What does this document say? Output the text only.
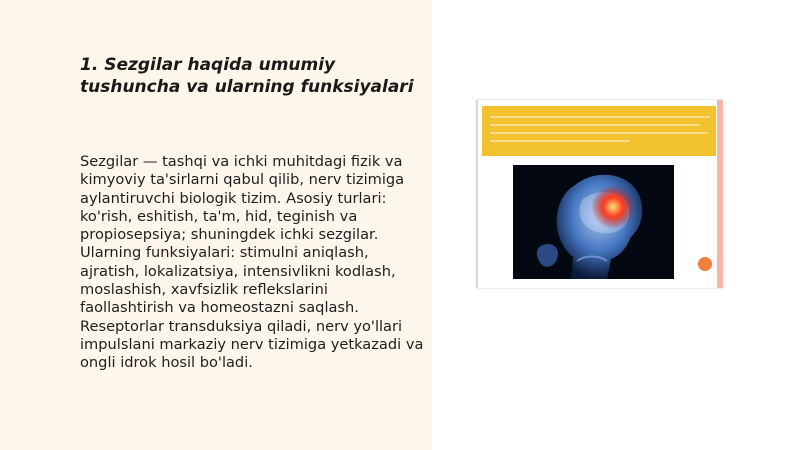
1. Sezgilar haqida umumiy tushuncha va ularning funksiyalari

Sezgilar — tashqi va ichki muhitdagi fizik va kimyoviy ta'sirlarni qabul qilib, nerv tizimiga aylantiruvchi biologik tizim. Asosiy turlari: ko'rish, eshitish, ta'm, hid, teginish va propiosepsiya; shuningdek ichki sezgilar. Ularning funksiyalari: stimulni aniqlash, ajratish, lokalizatsiya, intensivlikni kodlash, moslashish, xavfsizlik reflekslarini faollashtirish va homeostazni saqlash. Reseptorlar transduksiya qiladi, nerv yo'llari impulslani markaziy nerv tizimiga yetkazadi va ongli idrok hosil bo'ladi.
